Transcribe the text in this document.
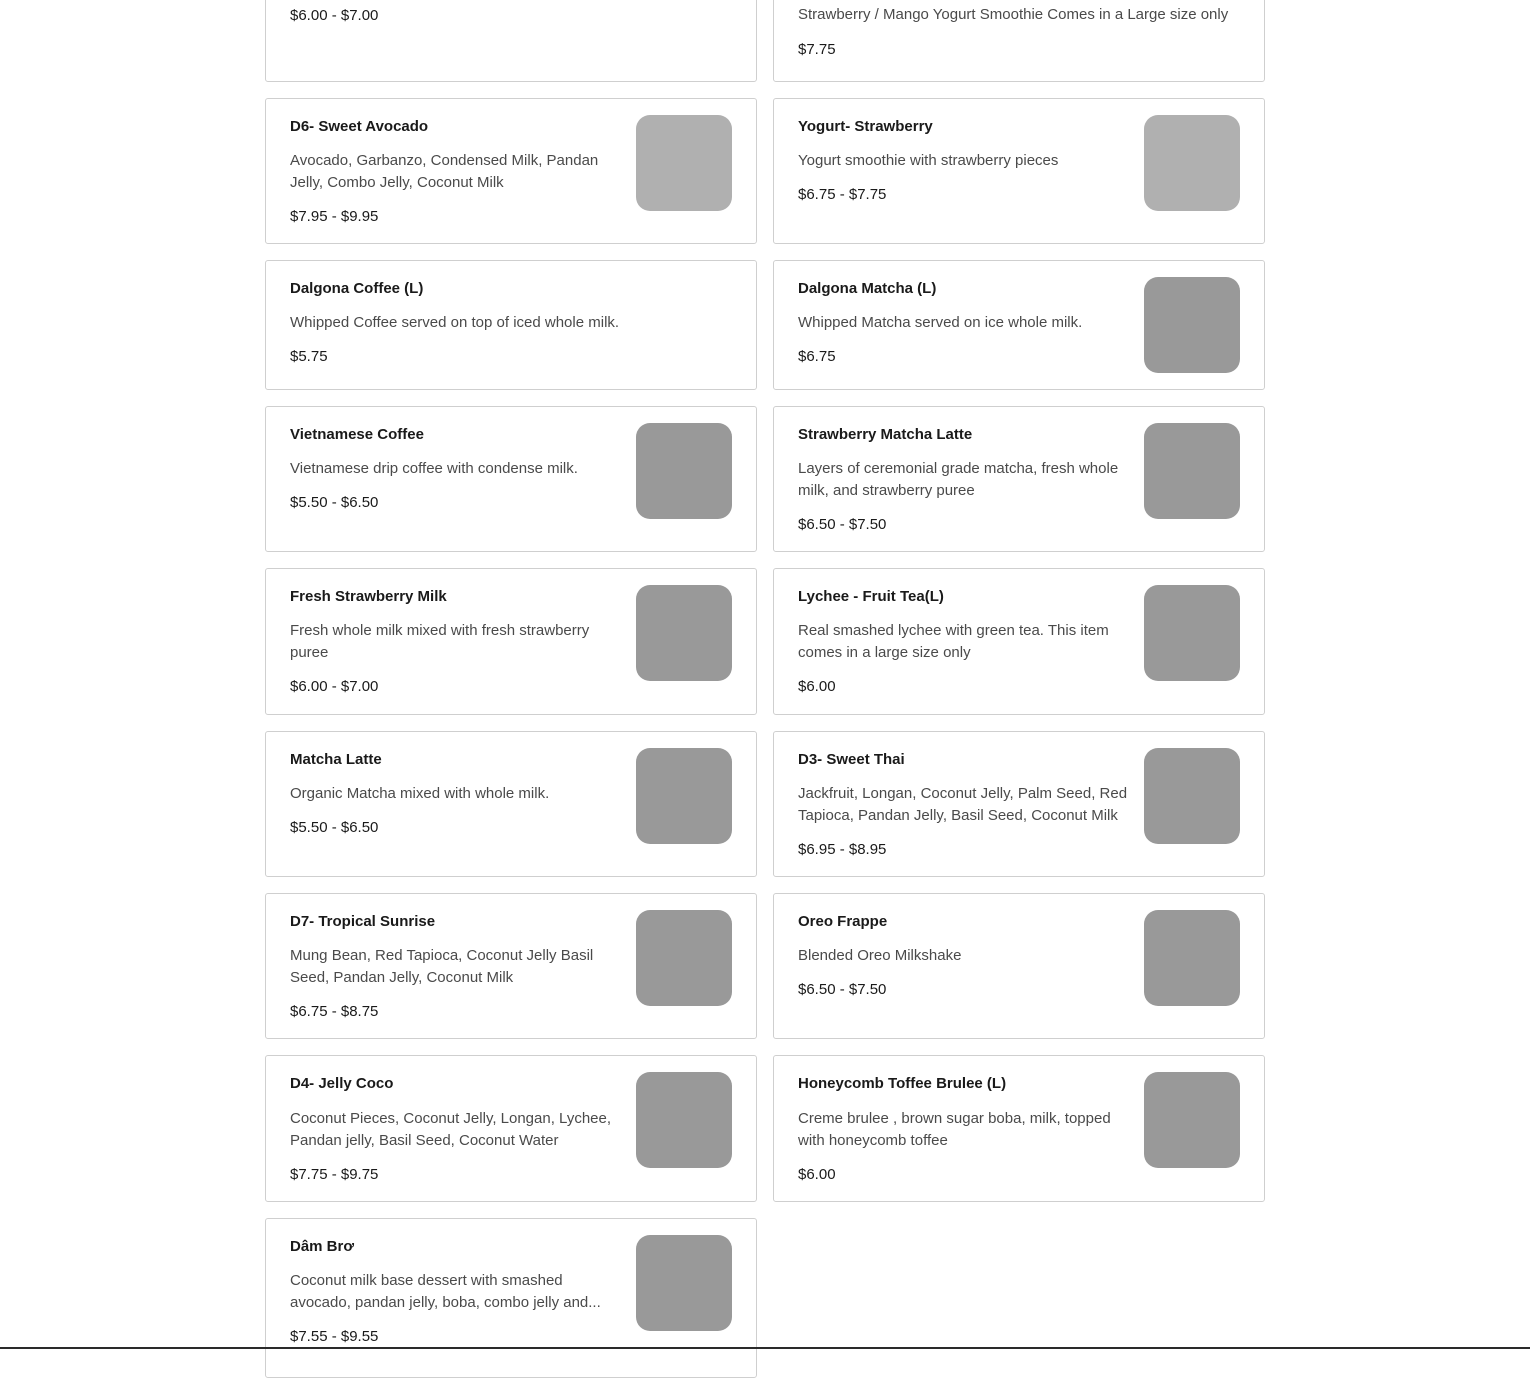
$6.00 - $7.00	Strawberry / Mango Yogurt Smoothie Comes in a Large size only
$7.75
D6- Sweet Avocado
Avocado, Garbanzo, Condensed Milk, Pandan Jelly, Combo Jelly, Coconut Milk
$7.95 - $9.95
Yogurt- Strawberry
Yogurt smoothie with strawberry pieces
$6.75 - $7.75
Dalgona Coffee (L)
Whipped Coffee served on top of iced whole milk.
$5.75
Dalgona Matcha (L)
Whipped Matcha served on ice whole milk.
$6.75
Vietnamese Coffee
Vietnamese drip coffee with condense milk.
$5.50 - $6.50
Strawberry Matcha Latte
Layers of ceremonial grade matcha, fresh whole milk, and strawberry puree
$6.50 - $7.50
Fresh Strawberry Milk
Fresh whole milk mixed with fresh strawberry puree
$6.00 - $7.00
Lychee - Fruit Tea(L)
Real smashed lychee with green tea. This item comes in a large size only
$6.00
Matcha Latte
Organic Matcha mixed with whole milk.
$5.50 - $6.50
D3- Sweet Thai
Jackfruit, Longan, Coconut Jelly, Palm Seed, Red Tapioca, Pandan Jelly, Basil Seed, Coconut Milk
$6.95 - $8.95
D7- Tropical Sunrise
Mung Bean, Red Tapioca, Coconut Jelly Basil Seed, Pandan Jelly, Coconut Milk
$6.75 - $8.75
Oreo Frappe
Blended Oreo Milkshake
$6.50 - $7.50
D4- Jelly Coco
Coconut Pieces, Coconut Jelly, Longan, Lychee, Pandan jelly, Basil Seed, Coconut Water
$7.75 - $9.75
Honeycomb Toffee Brulee (L)
Creme brulee , brown sugar boba, milk, topped with honeycomb toffee
$6.00
Dâm Brơ
Coconut milk base dessert with smashed avocado, pandan jelly, boba, combo jelly and...
$7.55 - $9.55
